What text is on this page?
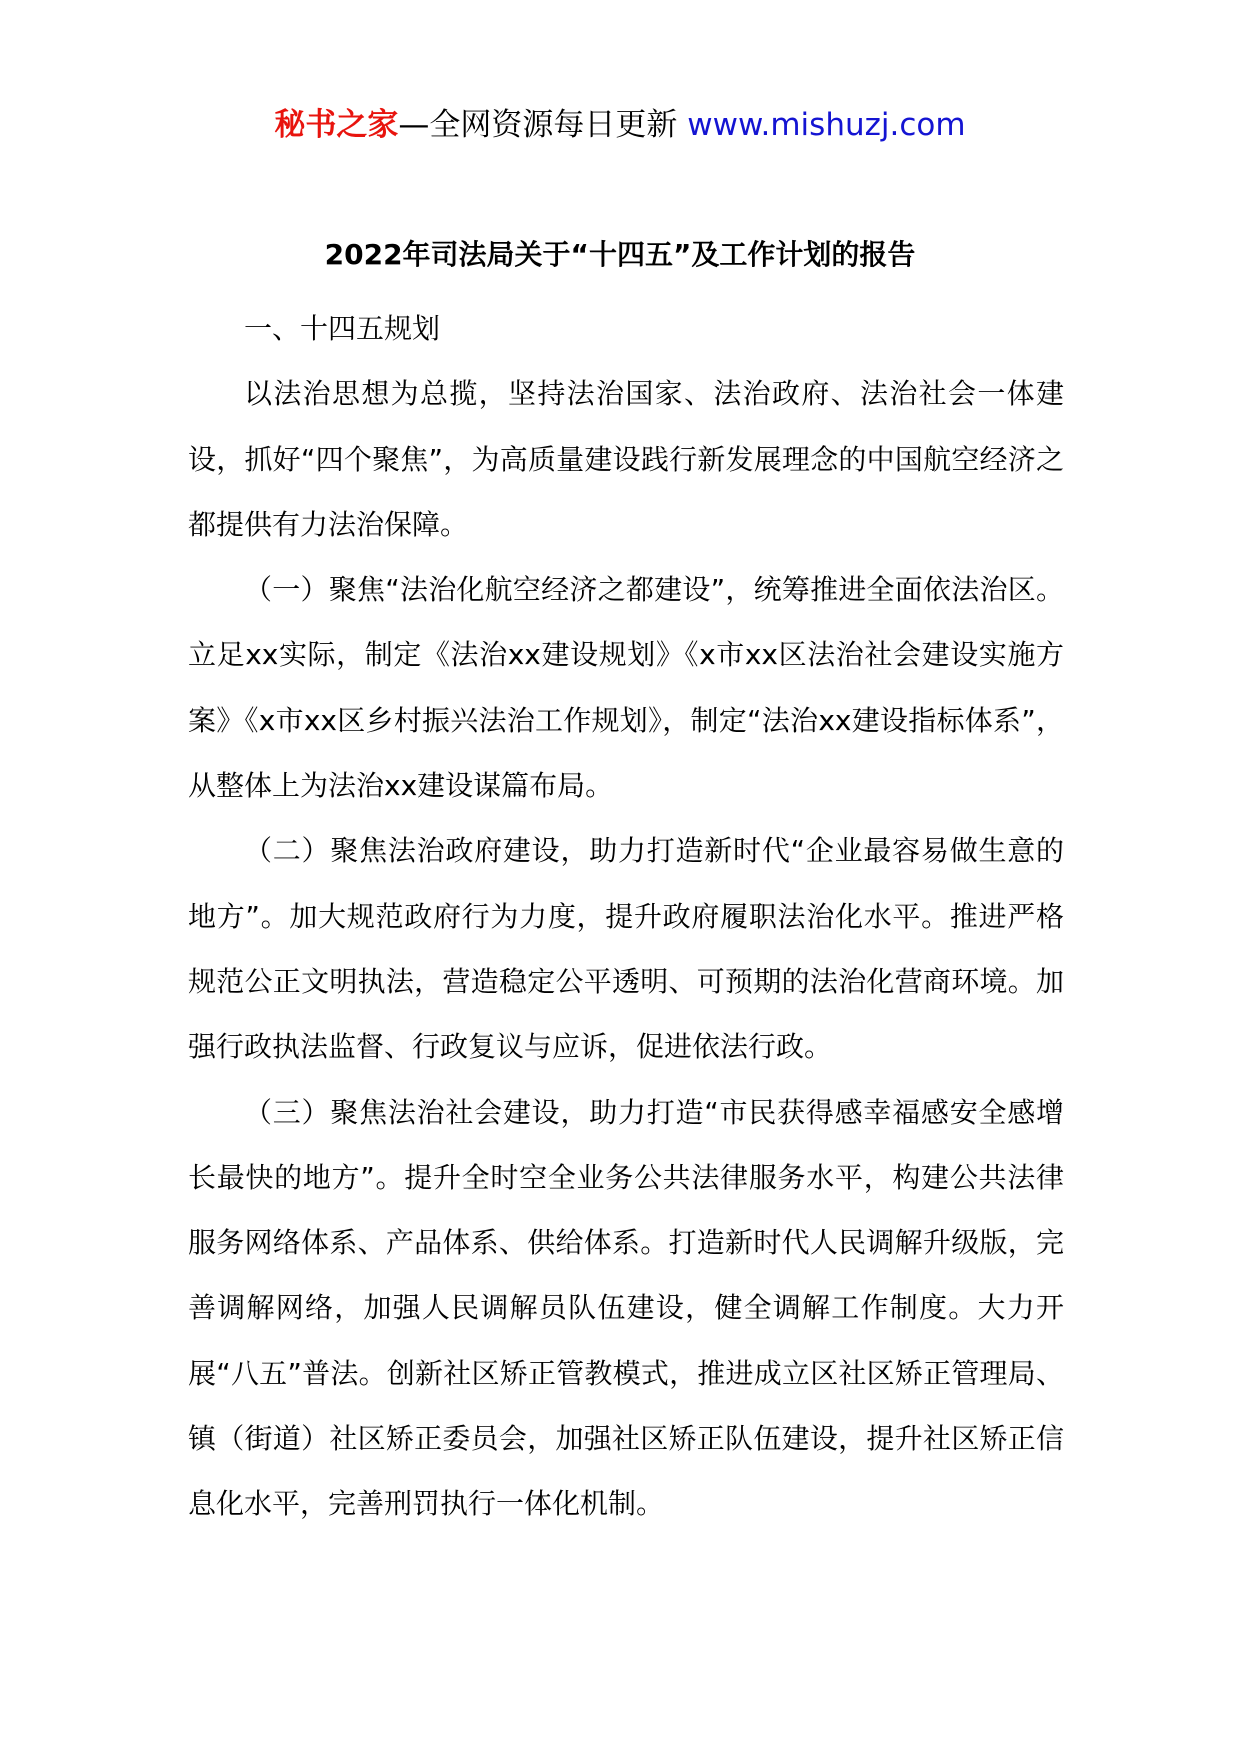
秘书之家—全网资源每日更新 www.mishuzj.com
2022年司法局关于“十四五”及工作计划的报告

一、十四五规划

以法治思想为总揽，坚持法治国家、法治政府、法治社会一体建设，抓好“四个聚焦”，为高质量建设践行新发展理念的中国航空经济之都提供有力法治保障。

（一）聚焦“法治化航空经济之都建设”，统筹推进全面依法治区。立足xx实际，制定《法治xx建设规划》《x市xx区法治社会建设实施方案》《x市xx区乡村振兴法治工作规划》，制定“法治xx建设指标体系”，从整体上为法治xx建设谋篇布局。

（二）聚焦法治政府建设，助力打造新时代“企业最容易做生意的地方”。加大规范政府行为力度，提升政府履职法治化水平。推进严格规范公正文明执法，营造稳定公平透明、可预期的法治化营商环境。加强行政执法监督、行政复议与应诉，促进依法行政。

（三）聚焦法治社会建设，助力打造“市民获得感幸福感安全感增长最快的地方”。提升全时空全业务公共法律服务水平，构建公共法律服务网络体系、产品体系、供给体系。打造新时代人民调解升级版，完善调解网络，加强人民调解员队伍建设，健全调解工作制度。大力开展“八五”普法。创新社区矫正管教模式，推进成立区社区矫正管理局、镇（街道）社区矫正委员会，加强社区矫正队伍建设，提升社区矫正信息化水平，完善刑罚执行一体化机制。
